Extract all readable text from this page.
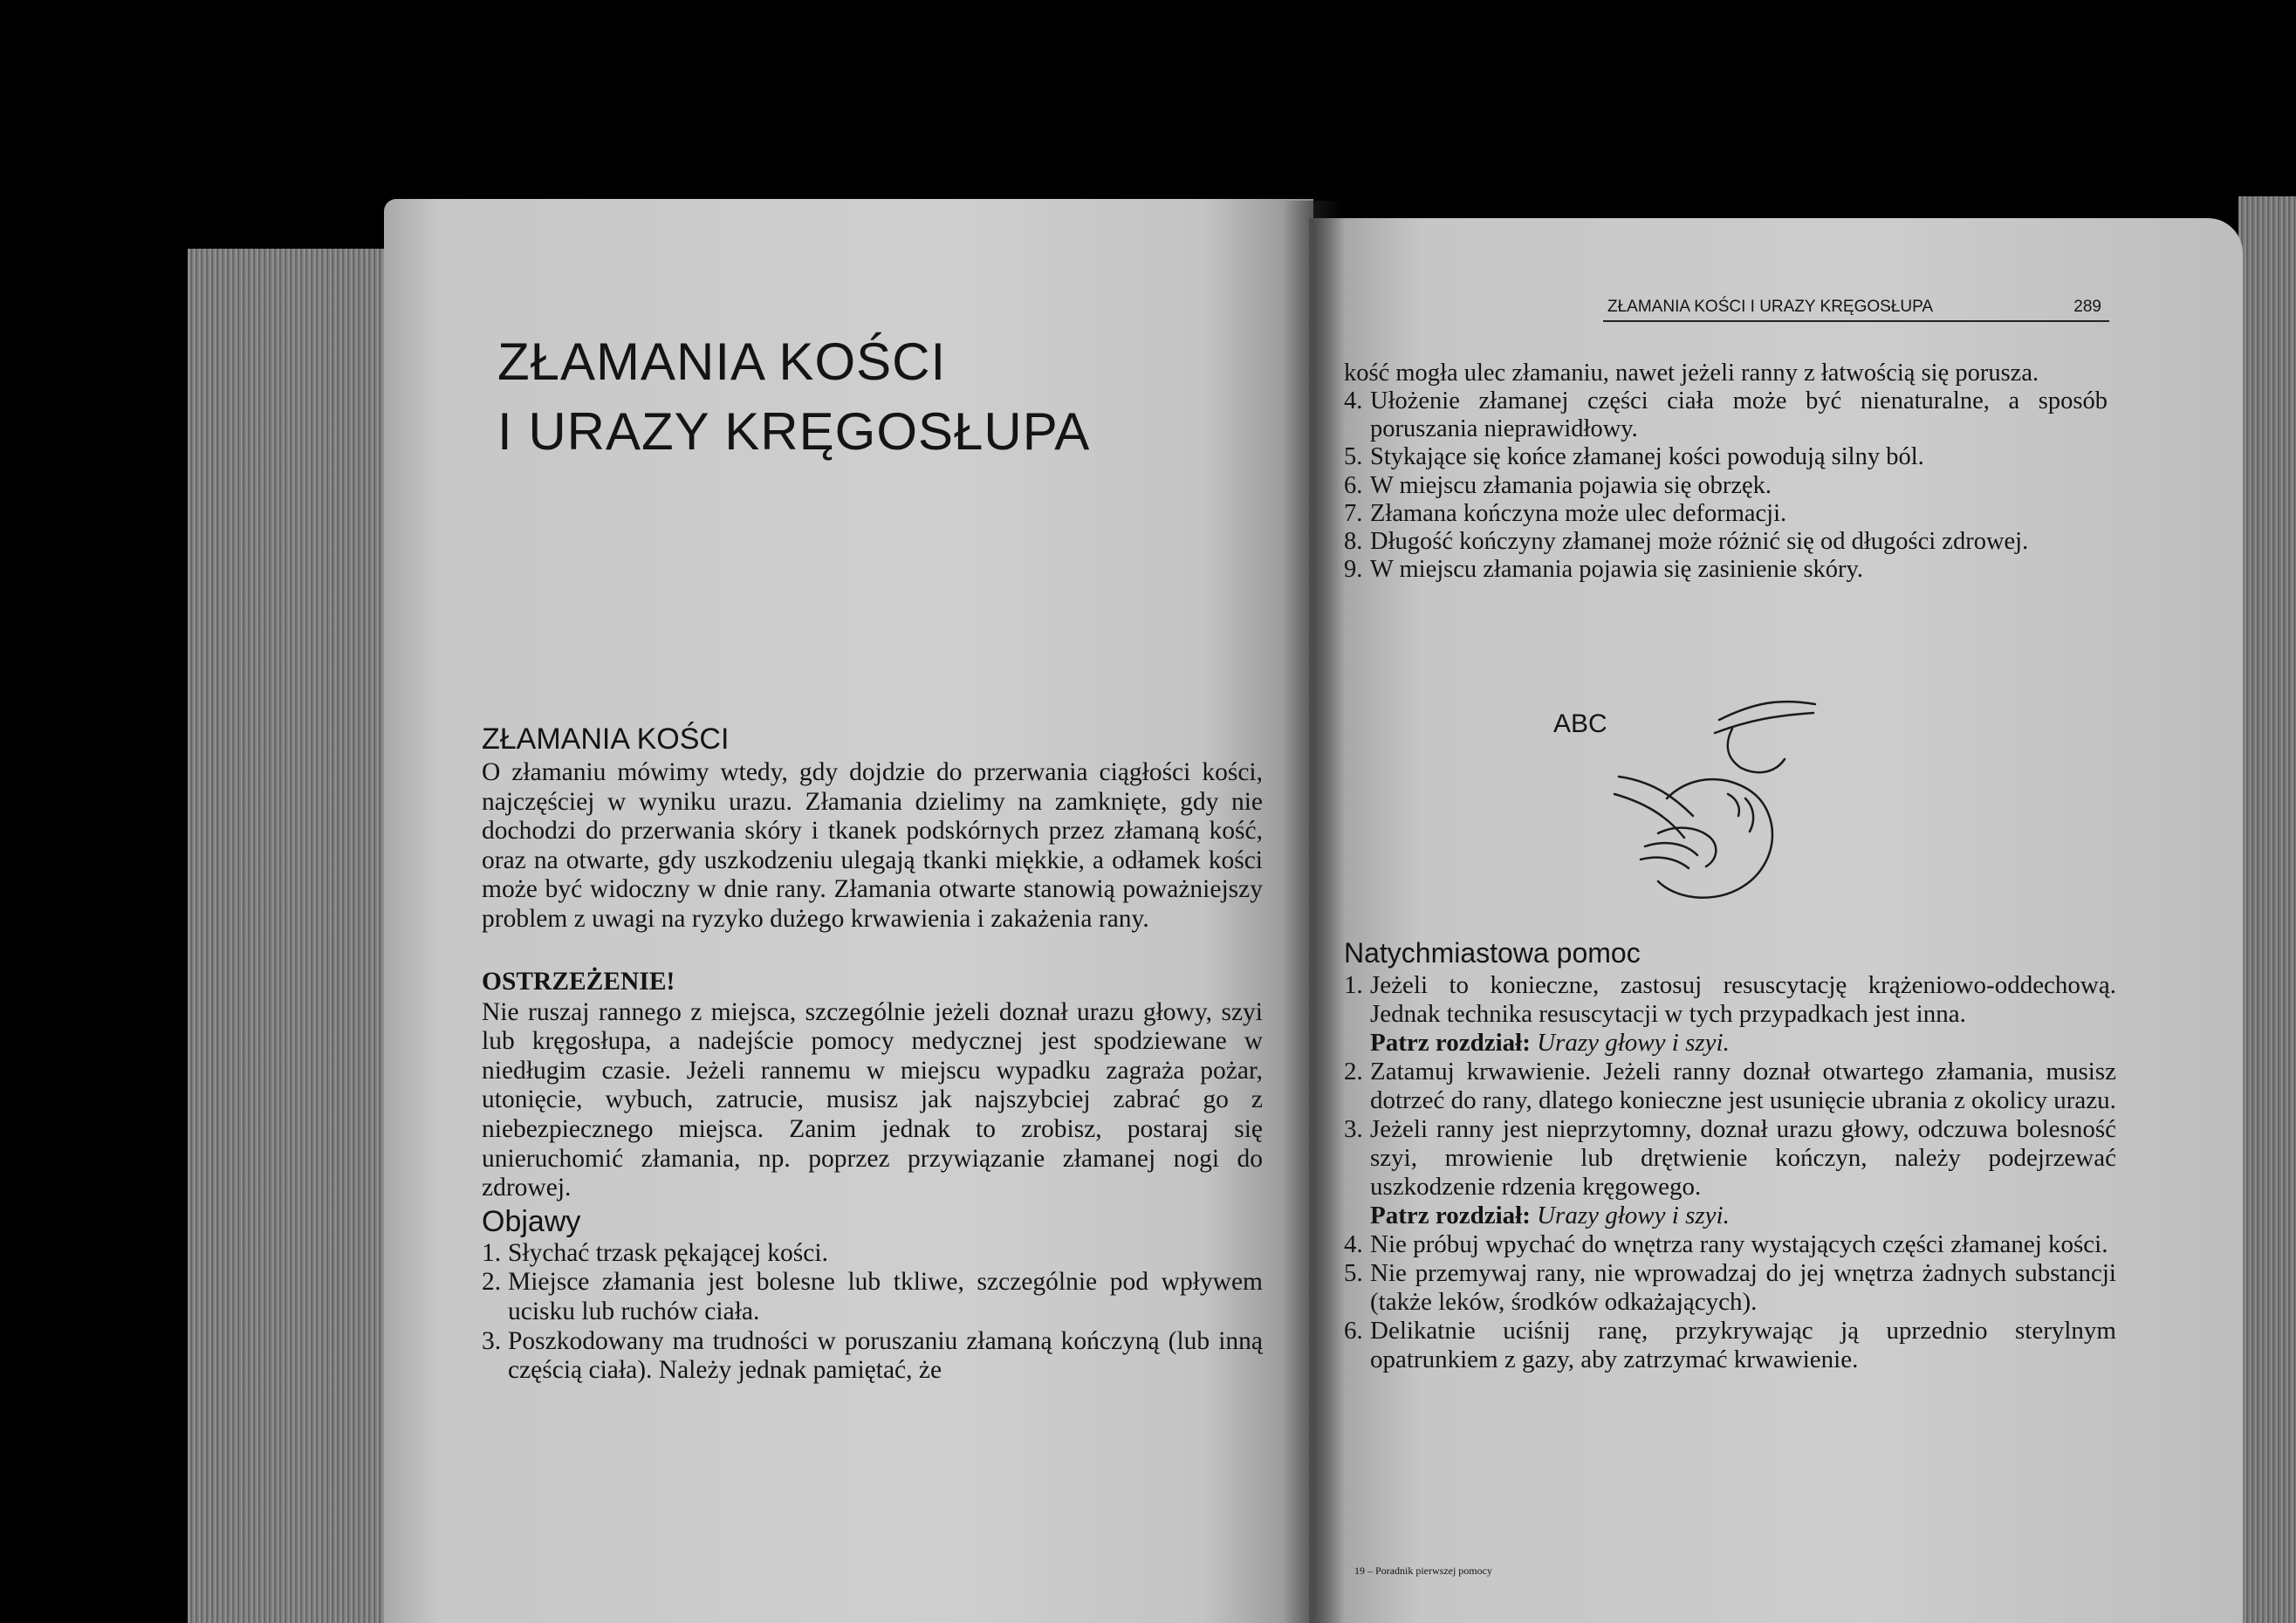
ZŁAMANIA KOŚCI
I URAZY KRĘGOSŁUPA
ZŁAMANIA KOŚCI

O złamaniu mówimy wtedy, gdy dojdzie do przerwania ciągłości kości, najczęściej w wyniku urazu. Złamania dzielimy na zamknięte, gdy nie dochodzi do przerwania skóry i tkanek podskórnych przez złamaną kość, oraz na otwarte, gdy uszkodzeniu ulegają tkanki miękkie, a odłamek kości może być widoczny w dnie rany. Złamania otwarte stanowią poważniejszy problem z uwagi na ryzyko dużego krwawienia i zakażenia rany.

OSTRZEŻENIE!

Nie ruszaj rannego z miejsca, szczególnie jeżeli doznał urazu głowy, szyi lub kręgosłupa, a nadejście pomocy medycznej jest spodziewane w niedługim czasie. Jeżeli rannemu w miejscu wypadku zagraża pożar, utonięcie, wybuch, zatrucie, musisz jak najszybciej zabrać go z niebezpiecznego miejsca. Zanim jednak to zrobisz, postaraj się unieruchomić złamania, np. poprzez przywiązanie złamanej nogi do zdrowej.

Objawy
1. Słychać trzask pękającej kości.
2. Miejsce złamania jest bolesne lub tkliwe, szczególnie pod wpływem ucisku lub ruchów ciała.
3. Poszkodowany ma trudności w poruszaniu złamaną kończyną (lub inną częścią ciała). Należy jednak pamiętać, że
ZŁAMANIA KOŚCI I URAZY KRĘGOSŁUPA	289

kość mogła ulec złamaniu, nawet jeżeli ranny z łatwością się porusza.

4. Ułożenie złamanej części ciała może być nienaturalne, a sposób poruszania nieprawidłowy.
5. Stykające się końce złamanej kości powodują silny ból.
6. W miejscu złamania pojawia się obrzęk.
7. Złamana kończyna może ulec deformacji.
8. Długość kończyny złamanej może różnić się od długości zdrowej.
9. W miejscu złamania pojawia się zasinienie skóry.
ABC
Natychmiastowa pomoc
1. Jeżeli to konieczne, zastosuj resuscytację krążeniowo-oddechową. Jednak technika resuscytacji w tych przypadkach jest inna.
Patrz rozdział: Urazy głowy i szyi.
2. Zatamuj krwawienie. Jeżeli ranny doznał otwartego złamania, musisz dotrzeć do rany, dlatego konieczne jest usunięcie ubrania z okolicy urazu.
3. Jeżeli ranny jest nieprzytomny, doznał urazu głowy, odczuwa bolesność szyi, mrowienie lub drętwienie kończyn, należy podejrzewać uszkodzenie rdzenia kręgowego.
Patrz rozdział: Urazy głowy i szyi.
4. Nie próbuj wpychać do wnętrza rany wystających części złamanej kości.
5. Nie przemywaj rany, nie wprowadzaj do jej wnętrza żadnych substancji (także leków, środków odkażających).
6. Delikatnie uciśnij ranę, przykrywając ją uprzednio sterylnym opatrunkiem z gazy, aby zatrzymać krwawienie.
19 – Poradnik pierwszej pomocy
